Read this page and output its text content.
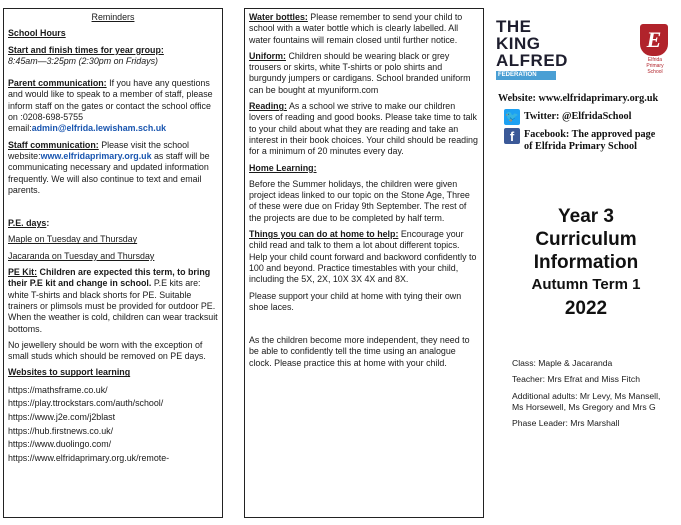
Reminders

School Hours

Start and finish times for year group:

8:45am—3:25pm (2:30pm on Fridays)

Parent communication: If you have any questions and would like to speak to a member of staff, please inform staff on the gates or contact the school office on :0208-698-5755
email:admin@elfrida.lewisham.sch.uk

Staff communication: Please visit the school website:www.elfridaprimary.org.uk as staff will be communicating necessary and updated information frequently. We will also continue to text and email parents.

P.E. days:

Maple on Tuesday and Thursday

Jacaranda on Tuesday and Thursday

PE Kit: Children are expected this term, to bring their P.E kit and change in school. P.E kits are: white T-shirts and black shorts for PE. Suitable trainers or plimsols must be provided for outdoor PE. When the weather is cold, children can wear tracksuit bottoms.

No jewellery should be worn with the exception of small studs which should be removed on PE days.

Websites to support learning

https://mathsframe.co.uk/

https://play.ttrockstars.com/auth/school/

https://www.j2e.com/j2blast

https://hub.firstnews.co.uk/

https://www.duolingo.com/

https://www.elfridaprimary.org.uk/remote-

Water bottles: Please remember to send your child to school with a water bottle which is clearly labelled. All water fountains will remain closed until further notice.

Uniform: Children should be wearing black or grey trousers or skirts, white T-shirts or polo shirts and burgundy jumpers or cardigans. School branded uniform can be bought at myuniform.com

Reading: As a school we strive to make our children lovers of reading and good books. Please take time to talk to your child about what they are reading and take an interest in their book choices. Your child should be reading for a minimum of 20 minutes every day.

Home Learning:

Before the Summer holidays, the children were given project ideas linked to our topic on the Stone Age, Three of these were due on Friday 9th September. The rest of the projects are due to be completed by half term.

Things you can do at home to help: Encourage your child read and talk to them a lot about different topics. Help your child count forward and backword confidently to 100 and beyond. Practice timestables with your child, including the 5X, 2X, 10X 3X 4X and 8X.

Please support your child at home with tying their own shoe laces.

As the children become more independent, they need to be able to confidently tell the time using an analogue clock. Please practice this at home with your child.

THE KING ALFRED
FEDERATION
E
Elfrida Primary School
Website: www.elfridaprimary.org.uk
🐦 Twitter: @ElfridaSchool
f Facebook: The approved page
of Elfrida Primary School
Year 3
Curriculum
Information
Autumn Term 1
2022

Class: Maple & Jacaranda

Teacher: Mrs Efrat and Miss Fitch

Additional adults: Mr Levy, Ms Mansell, Ms Horsewell, Ms Gregory and Mrs G

Phase Leader: Mrs Marshall
